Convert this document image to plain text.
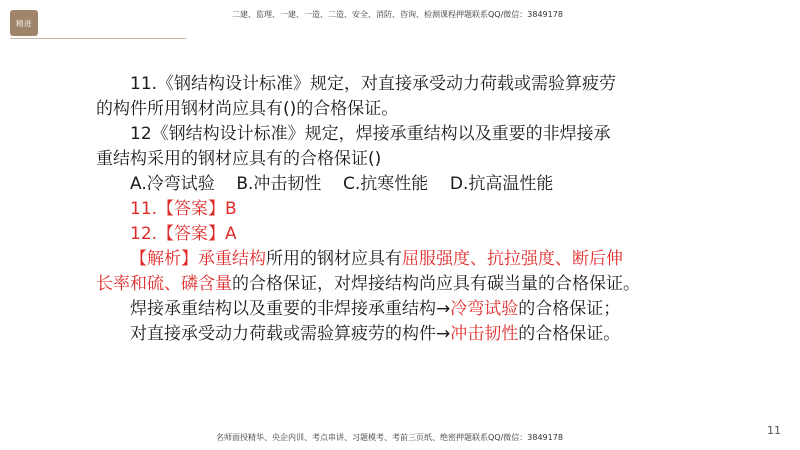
精进
二建、监理、一建、一造、二造、安全、消防、咨询、检测课程押题联系QQ/微信：3849178
11.《钢结构设计标准》规定，对直接承受动力荷载或需验算疲劳
的构件所用钢材尚应具有()的合格保证。
12《钢结构设计标准》规定，焊接承重结构以及重要的非焊接承
重结构采用的钢材应具有的合格保证()
A.冷弯试验    B.冲击韧性    C.抗寒性能    D.抗高温性能
11.【答案】B
12.【答案】A
【解析】承重结构所用的钢材应具有屈服强度、抗拉强度、断后伸
长率和硫、磷含量的合格保证，对焊接结构尚应具有碳当量的合格保证。
焊接承重结构以及重要的非焊接承重结构→冷弯试验的合格保证；
对直接承受动力荷载或需验算疲劳的构件→冲击韧性的合格保证。
名师面授精华、央企内训、考点串讲、习题模考、考前三页纸、绝密押题联系QQ/微信：3849178
11
